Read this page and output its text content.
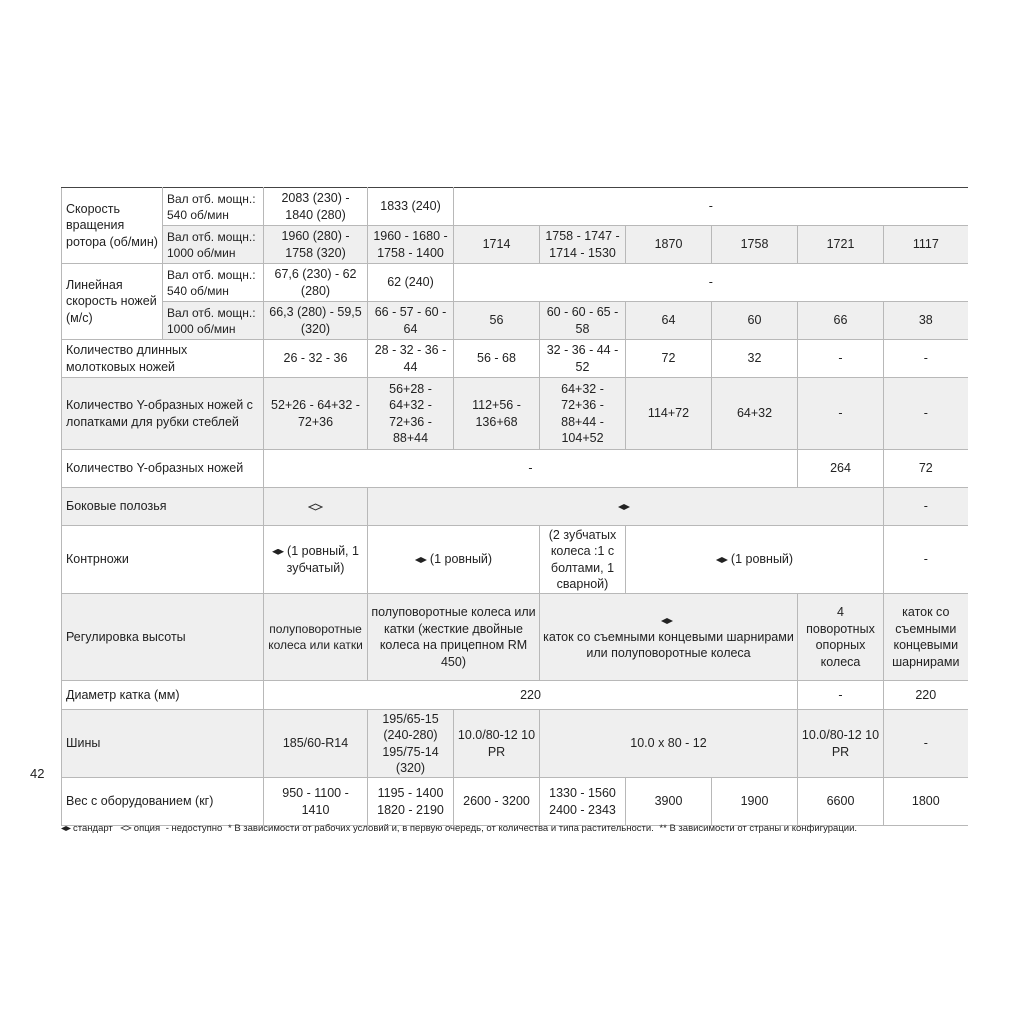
Скорость вращения ротора (об/мин)	Вал отб. мощн.: 540 об/мин	2083 (230) - 1840 (280)	1833 (240)	-					
	Вал отб. мощн.: 1000 об/мин	1960 (280) - 1758 (320)	1960 - 1680 - 1758 - 1400	1714	1758 - 1747 - 1714 - 1530	1870	1758	1721	1117
Линейная скорость ножей (м/с)	Вал отб. мощн.: 540 об/мин	67,6 (230) - 62 (280)	62 (240)	-					
	Вал отб. мощн.: 1000 об/мин	66,3 (280) - 59,5 (320)	66 - 57 - 60 - 64	56	60 - 60 - 65 - 58	64	60	66	38
Количество длинных молотковых ножей		26 - 32 - 36	28 - 32 - 36 - 44	56 - 68	32 - 36 - 44 - 52	72	32	-	-
Количество Y-образных ножей с лопатками для рубки стеблей		52+26 - 64+32 - 72+36	56+28 - 64+32 - 72+36 - 88+44	112+56 - 136+68	64+32 - 72+36 - 88+44 - 104+52	114+72	64+32	-	-
Количество Y-образных ножей		-						264	72
Боковые полозья									-
Контрножи		(1 ровный, 1 зубчатый)	(1 ровный)		(2 зубчатых колеса :1 с болтами, 1 сварной)	(1 ровный)			-
Регулировка высоты		полуповоротные колеса или катки	полуповоротные колеса или катки (жесткие двойные колеса на прицепном RM 450)		каток со съемными концевыми шарнирами или полуповоротные колеса			4 поворотных опорных колеса	каток со съемными концевыми шарнирами
Диаметр катка (мм)		220						-	220
Шины		185/60-R14	195/65-15 (240-280) 195/75-14 (320)	10.0/80-12 10 PR	10.0 x 80 - 12			10.0/80-12 10 PR	-
Вес с оборудованием (кг)		950 - 1100 - 1410	1195 - 1400 1820 - 2190	2600 - 3200	1330 - 1560 2400 - 2343	3900	1900	6600	1800
42
стандарт опция - недоступно * В зависимости от рабочих условий и, в первую очередь, от количества и типа растительности. ** В зависимости от страны и конфигурации.
